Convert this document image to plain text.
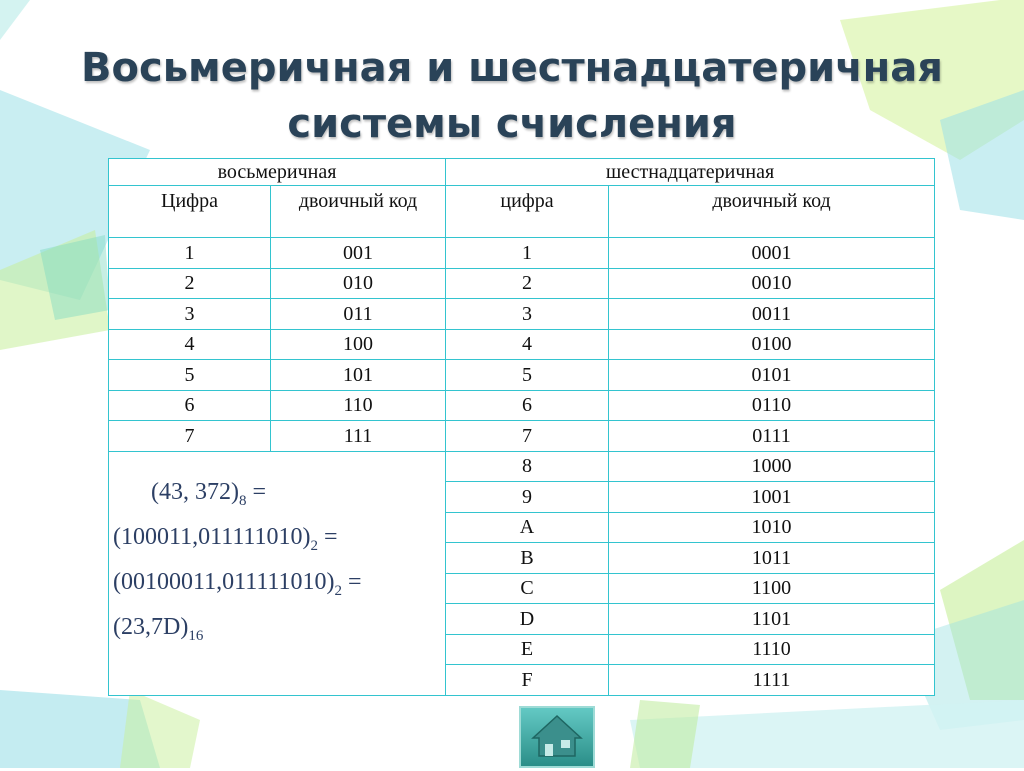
Восьмеричная и шестнадцатеричная
системы счисления
восьмеричная		шестнадцатеричная	
Цифра	двоичный код	цифра	двоичный код
1	001	1	0001
2	010	2	0010
3	011	3	0011
4	100	4	0100
5	101	5	0101
6	110	6	0110
7	111	7	0111

(43, $372)_8$ =
$(100011,011111010)_2$ =
$(00100011,011111010)_2$ =
$(23,7D)_{16}$		8	1000
		9	1001
		A	1010
		B	1011
		C	1100
		D	1101
		E	1110
		F	1111
